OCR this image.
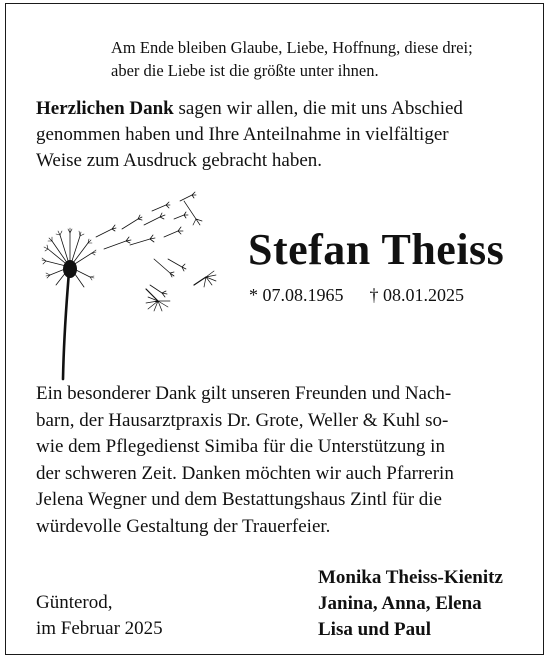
Am Ende bleiben Glaube, Liebe, Hoffnung, diese drei;
aber die Liebe ist die größte unter ihnen.
Herzlichen Dank sagen wir allen, die mit uns Abschied
genommen haben und Ihre Anteilnahme in vielfältiger
Weise zum Ausdruck gebracht haben.
Stefan Theiss
* 07.08.1965 † 08.01.2025
Ein besonderer Dank gilt unseren Freunden und Nach-
barn, der Hausarztpraxis Dr. Grote, Weller & Kuhl so-
wie dem Pflegedienst Simiba für die Unterstützung in
der schweren Zeit. Danken möchten wir auch Pfarrerin
Jelena Wegner und dem Bestattungshaus Zintl für die
würdevolle Gestaltung der Trauerfeier.
Günterod,
im Februar 2025
Monika Theiss-Kienitz
Janina, Anna, Elena
Lisa und Paul
